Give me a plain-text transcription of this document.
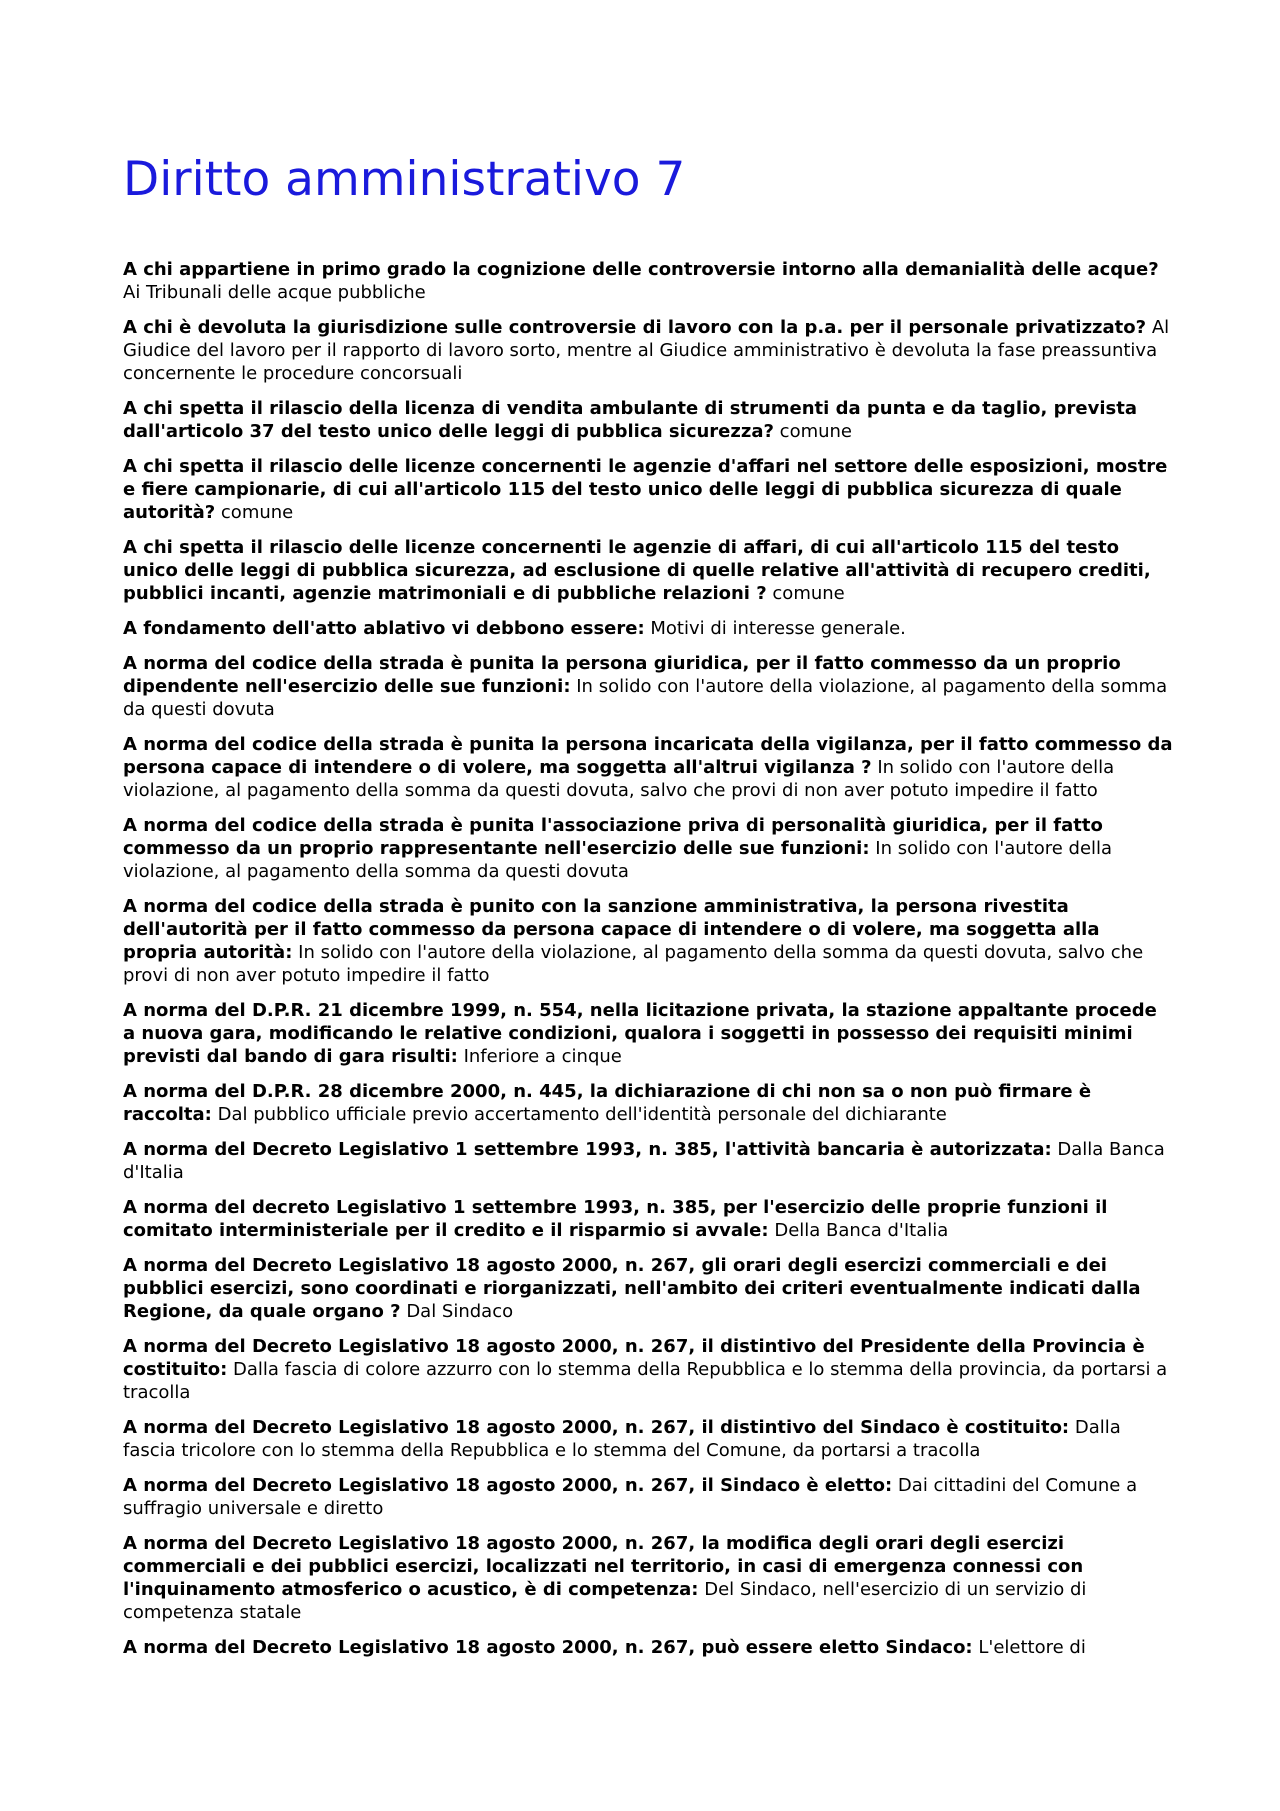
Diritto amministrativo 7

A chi appartiene in primo grado la cognizione delle controversie intorno alla demanialità delle acque? Ai Tribunali delle acque pubbliche

A chi è devoluta la giurisdizione sulle controversie di lavoro con la p.a. per il personale privatizzato? Al Giudice del lavoro per il rapporto di lavoro sorto, mentre al Giudice amministrativo è devoluta la fase preassuntiva concernente le procedure concorsuali

A chi spetta il rilascio della licenza di vendita ambulante di strumenti da punta e da taglio, prevista dall'articolo 37 del testo unico delle leggi di pubblica sicurezza? comune

A chi spetta il rilascio delle licenze concernenti le agenzie d'affari nel settore delle esposizioni, mostre e fiere campionarie, di cui all'articolo 115 del testo unico delle leggi di pubblica sicurezza di quale autorità? comune

A chi spetta il rilascio delle licenze concernenti le agenzie di affari, di cui all'articolo 115 del testo unico delle leggi di pubblica sicurezza, ad esclusione di quelle relative all'attività di recupero crediti, pubblici incanti, agenzie matrimoniali e di pubbliche relazioni ? comune

A fondamento dell'atto ablativo vi debbono essere: Motivi di interesse generale.

A norma del codice della strada è punita la persona giuridica, per il fatto commesso da un proprio dipendente nell'esercizio delle sue funzioni: In solido con l'autore della violazione, al pagamento della somma da questi dovuta

A norma del codice della strada è punita la persona incaricata della vigilanza, per il fatto commesso da persona capace di intendere o di volere, ma soggetta all'altrui vigilanza ? In solido con l'autore della violazione, al pagamento della somma da questi dovuta, salvo che provi di non aver potuto impedire il fatto

A norma del codice della strada è punita l'associazione priva di personalità giuridica, per il fatto commesso da un proprio rappresentante nell'esercizio delle sue funzioni: In solido con l'autore della violazione, al pagamento della somma da questi dovuta

A norma del codice della strada è punito con la sanzione amministrativa, la persona rivestita dell'autorità per il fatto commesso da persona capace di intendere o di volere, ma soggetta alla propria autorità: In solido con l'autore della violazione, al pagamento della somma da questi dovuta, salvo che provi di non aver potuto impedire il fatto

A norma del D.P.R. 21 dicembre 1999, n. 554, nella licitazione privata, la stazione appaltante procede a nuova gara, modificando le relative condizioni, qualora i soggetti in possesso dei requisiti minimi previsti dal bando di gara risulti: Inferiore a cinque

A norma del D.P.R. 28 dicembre 2000, n. 445, la dichiarazione di chi non sa o non può firmare è raccolta: Dal pubblico ufficiale previo accertamento dell'identità personale del dichiarante

A norma del Decreto Legislativo 1 settembre 1993, n. 385, l'attività bancaria è autorizzata: Dalla Banca d'Italia

A norma del decreto Legislativo 1 settembre 1993, n. 385, per l'esercizio delle proprie funzioni il comitato interministeriale per il credito e il risparmio si avvale: Della Banca d'Italia

A norma del Decreto Legislativo 18 agosto 2000, n. 267, gli orari degli esercizi commerciali e dei pubblici esercizi, sono coordinati e riorganizzati, nell'ambito dei criteri eventualmente indicati dalla Regione, da quale organo ? Dal Sindaco

A norma del Decreto Legislativo 18 agosto 2000, n. 267, il distintivo del Presidente della Provincia è costituito: Dalla fascia di colore azzurro con lo stemma della Repubblica e lo stemma della provincia, da portarsi a tracolla

A norma del Decreto Legislativo 18 agosto 2000, n. 267, il distintivo del Sindaco è costituito: Dalla fascia tricolore con lo stemma della Repubblica e lo stemma del Comune, da portarsi a tracolla

A norma del Decreto Legislativo 18 agosto 2000, n. 267, il Sindaco è eletto: Dai cittadini del Comune a suffragio universale e diretto

A norma del Decreto Legislativo 18 agosto 2000, n. 267, la modifica degli orari degli esercizi commerciali e dei pubblici esercizi, localizzati nel territorio, in casi di emergenza connessi con l'inquinamento atmosferico o acustico, è di competenza: Del Sindaco, nell'esercizio di un servizio di competenza statale

A norma del Decreto Legislativo 18 agosto 2000, n. 267, può essere eletto Sindaco: L'elettore di
